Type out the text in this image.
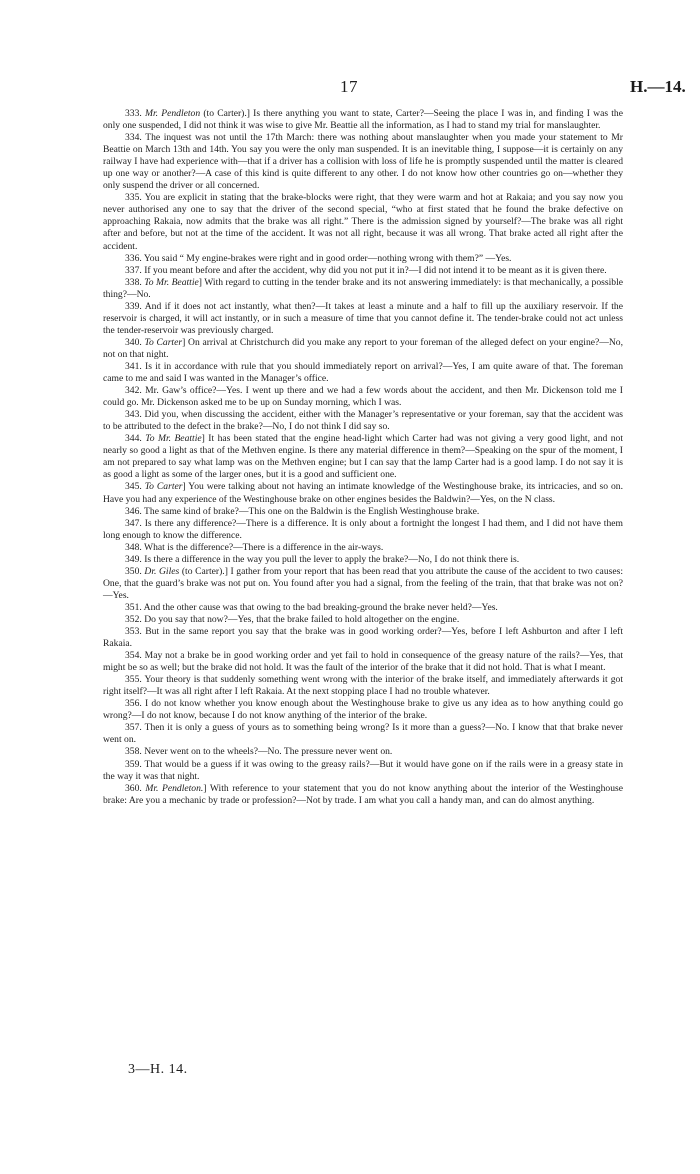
17	H.—14.

333. Mr. Pendleton (to Carter).] Is there anything you want to state, Carter?—Seeing the place I was in, and finding I was the only one suspended, I did not think it was wise to give Mr. Beattie all the information, as I had to stand my trial for manslaughter.

334. The inquest was not until the 17th March: there was nothing about manslaughter when you made your statement to Mr Beattie on March 13th and 14th. You say you were the only man suspended. It is an inevitable thing, I suppose—it is certainly on any railway I have had experience with—that if a driver has a collision with loss of life he is promptly suspended until the matter is cleared up one way or another?—A case of this kind is quite different to any other. I do not know how other countries go on—whether they only suspend the driver or all concerned.

335. You are explicit in stating that the brake-blocks were right, that they were warm and hot at Rakaia; and you say now you never authorised any one to say that the driver of the second special, “who at first stated that he found the brake defective on approaching Rakaia, now admits that the brake was all right.” There is the admission signed by yourself?—The brake was all right after and before, but not at the time of the accident. It was not all right, because it was all wrong. That brake acted all right after the accident.

336. You said “ My engine-brakes were right and in good order—nothing wrong with them?” —Yes.

337. If you meant before and after the accident, why did you not put it in?—I did not intend it to be meant as it is given there.

338. To Mr. Beattie] With regard to cutting in the tender brake and its not answering immediately: is that mechanically, a possible thing?—No.

339. And if it does not act instantly, what then?—It takes at least a minute and a half to fill up the auxiliary reservoir. If the reservoir is charged, it will act instantly, or in such a measure of time that you cannot define it. The tender-brake could not act unless the tender-reservoir was previously charged.

340. To Carter] On arrival at Christchurch did you make any report to your foreman of the alleged defect on your engine?—No, not on that night.

341. Is it in accordance with rule that you should immediately report on arrival?—Yes, I am quite aware of that. The foreman came to me and said I was wanted in the Manager’s office.

342. Mr. Gaw’s office?—Yes. I went up there and we had a few words about the accident, and then Mr. Dickenson told me I could go. Mr. Dickenson asked me to be up on Sunday morning, which I was.

343. Did you, when discussing the accident, either with the Manager’s representative or your foreman, say that the accident was to be attributed to the defect in the brake?—No, I do not think I did say so.

344. To Mr. Beattie] It has been stated that the engine head-light which Carter had was not giving a very good light, and not nearly so good a light as that of the Methven engine. Is there any material difference in them?—Speaking on the spur of the moment, I am not prepared to say what lamp was on the Methven engine; but I can say that the lamp Carter had is a good lamp. I do not say it is as good a light as some of the larger ones, but it is a good and sufficient one.

345. To Carter] You were talking about not having an intimate knowledge of the Westinghouse brake, its intricacies, and so on. Have you had any experience of the Westinghouse brake on other engines besides the Baldwin?—Yes, on the N class.

346. The same kind of brake?—This one on the Baldwin is the English Westinghouse brake.

347. Is there any difference?—There is a difference. It is only about a fortnight the longest I had them, and I did not have them long enough to know the difference.

348. What is the difference?—There is a difference in the air-ways.

349. Is there a difference in the way you pull the lever to apply the brake?—No, I do not think there is.

350. Dr. Giles (to Carter).] I gather from your report that has been read that you attribute the cause of the accident to two causes: One, that the guard’s brake was not put on. You found after you had a signal, from the feeling of the train, that that brake was not on?—Yes.

351. And the other cause was that owing to the bad breaking-ground the brake never held?—Yes.

352. Do you say that now?—Yes, that the brake failed to hold altogether on the engine.

353. But in the same report you say that the brake was in good working order?—Yes, before I left Ashburton and after I left Rakaia.

354. May not a brake be in good working order and yet fail to hold in consequence of the greasy nature of the rails?—Yes, that might be so as well; but the brake did not hold. It was the fault of the interior of the brake that it did not hold. That is what I meant.

355. Your theory is that suddenly something went wrong with the interior of the brake itself, and immediately afterwards it got right itself?—It was all right after I left Rakaia. At the next stopping place I had no trouble whatever.

356. I do not know whether you know enough about the Westinghouse brake to give us any idea as to how anything could go wrong?—I do not know, because I do not know anything of the interior of the brake.

357. Then it is only a guess of yours as to something being wrong? Is it more than a guess?—No. I know that that brake never went on.

358. Never went on to the wheels?—No. The pressure never went on.

359. That would be a guess if it was owing to the greasy rails?—But it would have gone on if the rails were in a greasy state in the way it was that night.

360. Mr. Pendleton.] With reference to your statement that you do not know anything about the interior of the Westinghouse brake: Are you a mechanic by trade or profession?—Not by trade. I am what you call a handy man, and can do almost anything.

3—H. 14.
